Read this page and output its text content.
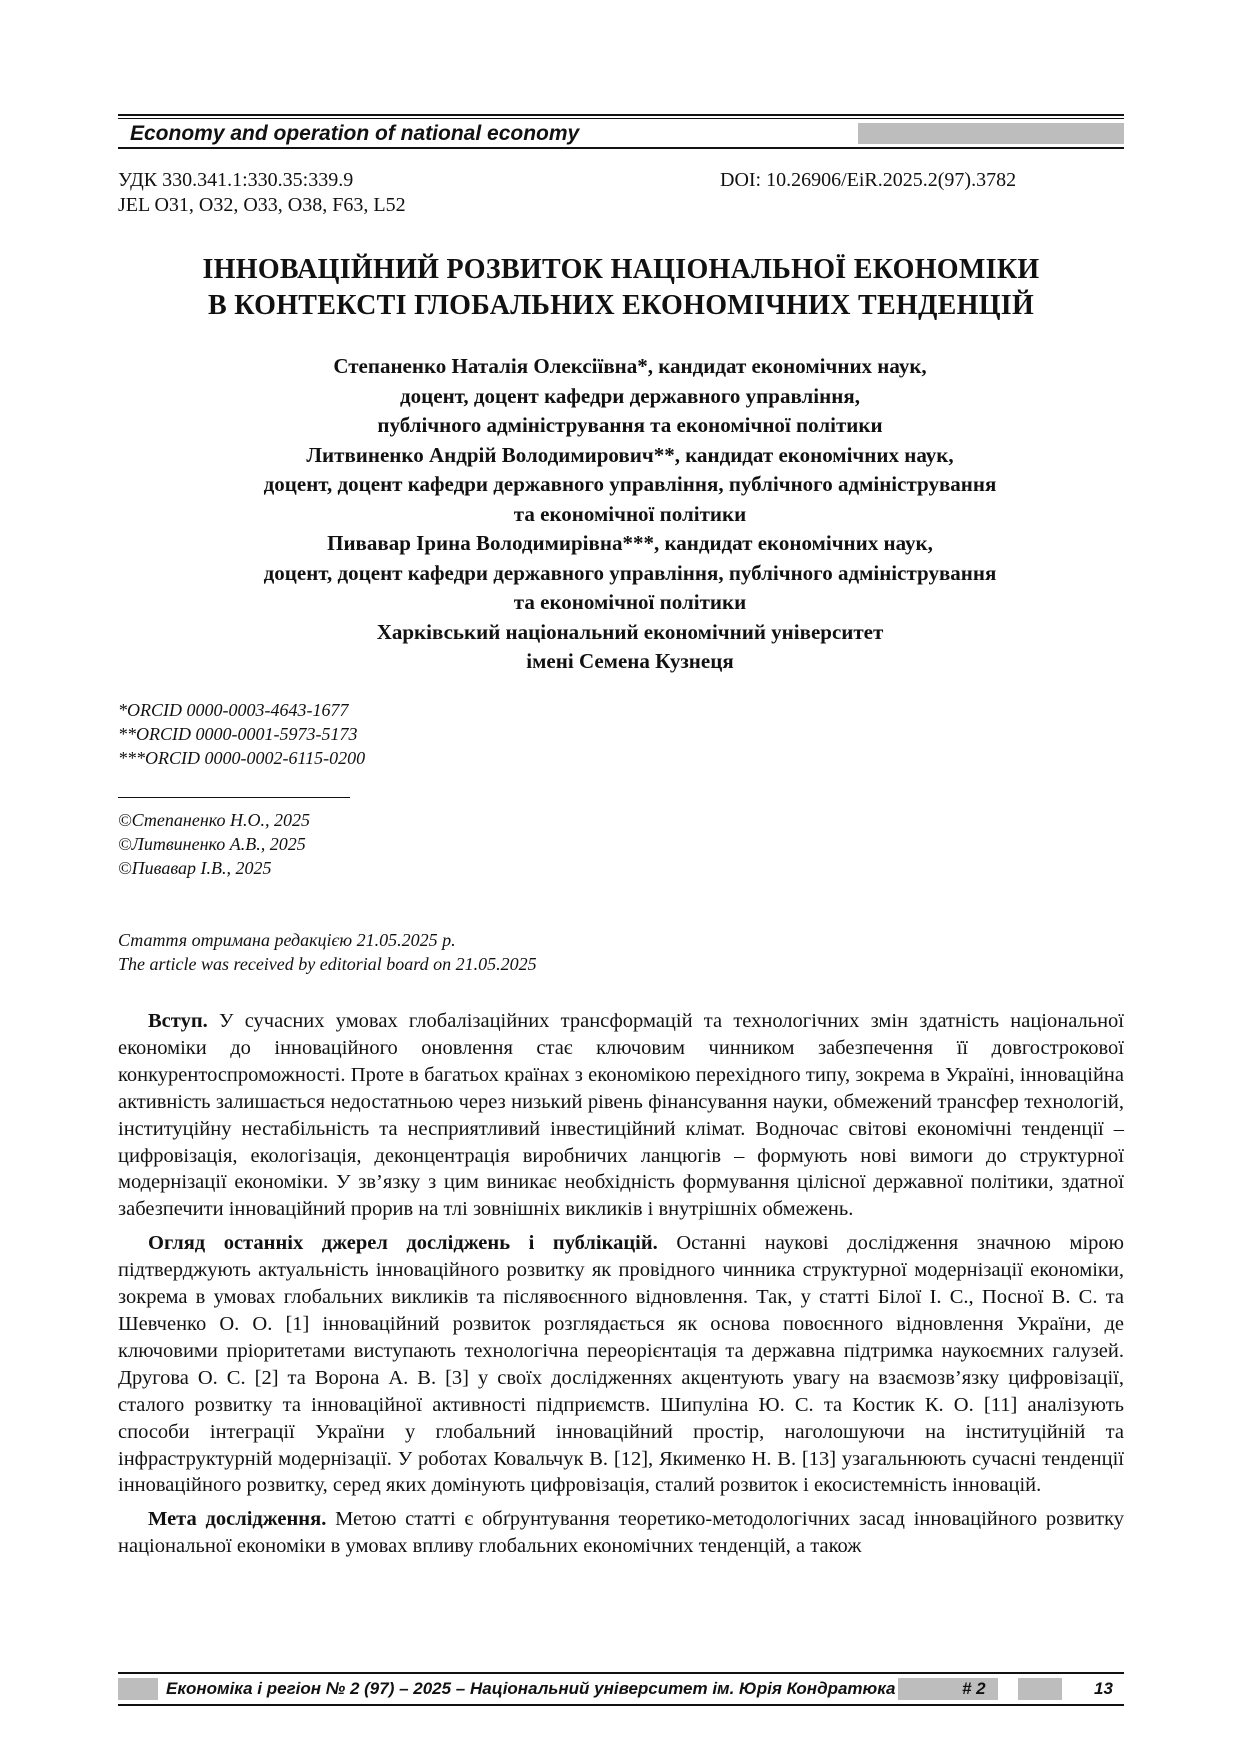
Economy and operation of national economy
УДК 330.341.1:330.35:339.9
JEL O31, O32, O33, O38, F63, L52
DOI: 10.26906/EiR.2025.2(97).3782
ІННОВАЦІЙНИЙ РОЗВИТОК НАЦІОНАЛЬНОЇ ЕКОНОМІКИ
В КОНТЕКСТІ ГЛОБАЛЬНИХ ЕКОНОМІЧНИХ ТЕНДЕНЦІЙ
Степаненко Наталія Олексіївна*, кандидат економічних наук,
доцент, доцент кафедри державного управління,
публічного адміністрування та економічної політики
Литвиненко Андрій Володимирович**, кандидат економічних наук,
доцент, доцент кафедри державного управління, публічного адміністрування
та економічної політики
Пивавар Ірина Володимирівна***, кандидат економічних наук,
доцент, доцент кафедри державного управління, публічного адміністрування
та економічної політики
Харківський національний економічний університет
імені Семена Кузнеця
*ORCID 0000-0003-4643-1677
**ORCID 0000-0001-5973-5173
***ORCID 0000-0002-6115-0200
©Степаненко Н.О., 2025
©Литвиненко А.В., 2025
©Пивавар І.В., 2025
Стаття отримана редакцією 21.05.2025 р.
The article was received by editorial board on 21.05.2025

Вступ. У сучасних умовах глобалізаційних трансформацій та технологічних змін здатність національної економіки до інноваційного оновлення стає ключовим чинником забезпечення її довгострокової конкурентоспроможності. Проте в багатьох країнах з економікою перехідного типу, зокрема в Україні, інноваційна активність залишається недостатньою через низький рівень фінансування науки, обмежений трансфер технологій, інституційну нестабільність та несприятливий інвестиційний клімат. Водночас світові економічні тенденції – цифровізація, екологізація, деконцентрація виробничих ланцюгів – формують нові вимоги до структурної модернізації економіки. У зв’язку з цим виникає необхідність формування цілісної державної політики, здатної забезпечити інноваційний прорив на тлі зовнішніх викликів і внутрішніх обмежень.

Огляд останніх джерел досліджень і публікацій. Останні наукові дослідження значною мірою підтверджують актуальність інноваційного розвитку як провідного чинника структурної модернізації економіки, зокрема в умовах глобальних викликів та післявоєнного відновлення. Так, у статті Білої І. С., Посної В. С. та Шевченко О. О. [1] інноваційний розвиток розглядається як основа повоєнного відновлення України, де ключовими пріоритетами виступають технологічна переорієнтація та державна підтримка наукоємних галузей. Другова О. С. [2] та Ворона А. В. [3] у своїх дослідженнях акцентують увагу на взаємозв’язку цифровізації, сталого розвитку та інноваційної активності підприємств. Шипуліна Ю. С. та Костик К. О. [11] аналізують способи інтеграції України у глобальний інноваційний простір, наголошуючи на інституційній та інфраструктурній модернізації. У роботах Ковальчук В. [12], Якименко Н. В. [13] узагальнюють сучасні тенденції інноваційного розвитку, серед яких домінують цифровізація, сталий розвиток і екосистемність інновацій.

Мета дослідження. Метою статті є обґрунтування теоретико-методологічних засад інноваційного розвитку національної економіки в умовах впливу глобальних економічних тенденцій, а також

Економіка і регіон № 2 (97) – 2025 – Національний університет ім. Юрія Кондратюка	# 2	13
